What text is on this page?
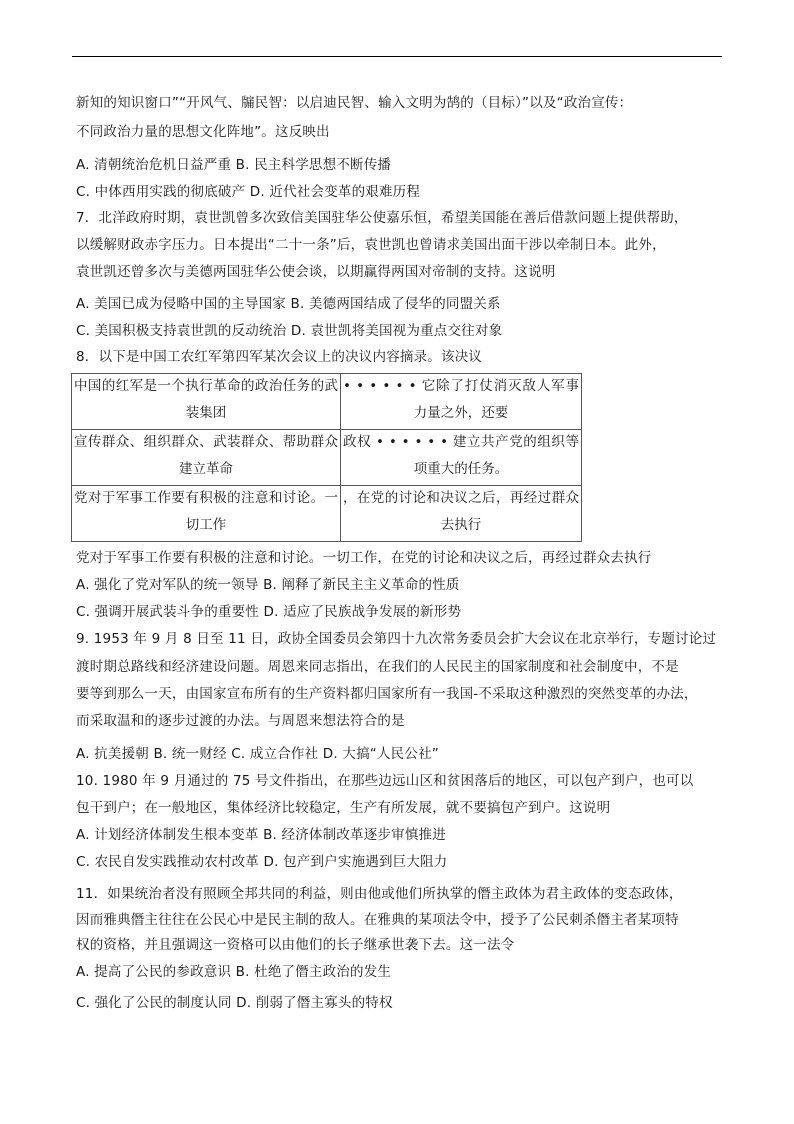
新知的知识窗口”“开风气、牖民智：以启迪民智、输入文明为鹄的（目标）”以及“政治宣传：
不同政治力量的思想文化阵地”。这反映出
A. 清朝统治危机日益严重 B. 民主科学思想不断传播
C. 中体西用实践的彻底破产 D. 近代社会变革的艰难历程
7．北洋政府时期，袁世凯曾多次致信美国驻华公使嘉乐恒，希望美国能在善后借款问题上提供帮助，
以缓解财政赤字压力。日本提出“二十一条”后，袁世凯也曾请求美国出面干涉以牵制日本。此外，
袁世凯还曾多次与美德两国驻华公使会谈，以期赢得两国对帝制的支持。这说明
A. 美国已成为侵略中国的主导国家 B. 美德两国结成了侵华的同盟关系
C. 美国积极支持袁世凯的反动统治 D. 袁世凯将美国视为重点交往对象
8．以下是中国工农红军第四军某次会议上的决议内容摘录。该决议
中国的红军是一个执行革命的政治任务的武
装集团	• • • • • • 它除了打仗消灭敌人军事
力量之外，还要

宣传群众、组织群众、武装群众、帮助群众
建立革命	政权 • • • • • • 建立共产党的组织等
项重大的任务。

党对于军事工作要有积极的注意和讨论。一
切工作	，在党的讨论和决议之后，再经过群众
去执行
党对于军事工作要有积极的注意和讨论。一切工作，在党的讨论和决议之后，再经过群众去执行
A. 强化了党对军队的统一领导 B. 阐释了新民主主义革命的性质
C. 强调开展武装斗争的重要性 D. 适应了民族战争发展的新形势
9. 1953 年 9 月 8 日至 11 日，政协全国委员会第四十九次常务委员会扩大会议在北京举行，专题讨论过
渡时期总路线和经济建设问题。周恩来同志指出，在我们的人民民主的国家制度和社会制度中，不是
要等到那么一天，由国家宣布所有的生产资料都归国家所有一我国-不采取这种激烈的突然变革的办法，
而采取温和的逐步过渡的办法。与周恩来想法符合的是
A. 抗美援朝 B. 统一财经 C. 成立合作社 D. 大搞“人民公社”
10. 1980 年 9 月通过的 75 号文件指出，在那些边远山区和贫困落后的地区，可以包产到户，也可以
包干到户；在一般地区，集体经济比较稳定，生产有所发展，就不要搞包产到户。这说明
A. 计划经济体制发生根本变革 B. 经济体制改革逐步审慎推进
C. 农民自发实践推动农村改革 D. 包产到户实施遇到巨大阻力
11．如果统治者没有照顾全邦共同的利益，则由他或他们所执掌的僭主政体为君主政体的变态政体，
因而雅典僭主往往在公民心中是民主制的敌人。在雅典的某项法令中，授予了公民刺杀僭主者某项特
权的资格，并且强调这一资格可以由他们的长子继承世袭下去。这一法令
A. 提高了公民的参政意识 B. 杜绝了僭主政治的发生
C. 强化了公民的制度认同 D. 削弱了僭主寡头的特权
